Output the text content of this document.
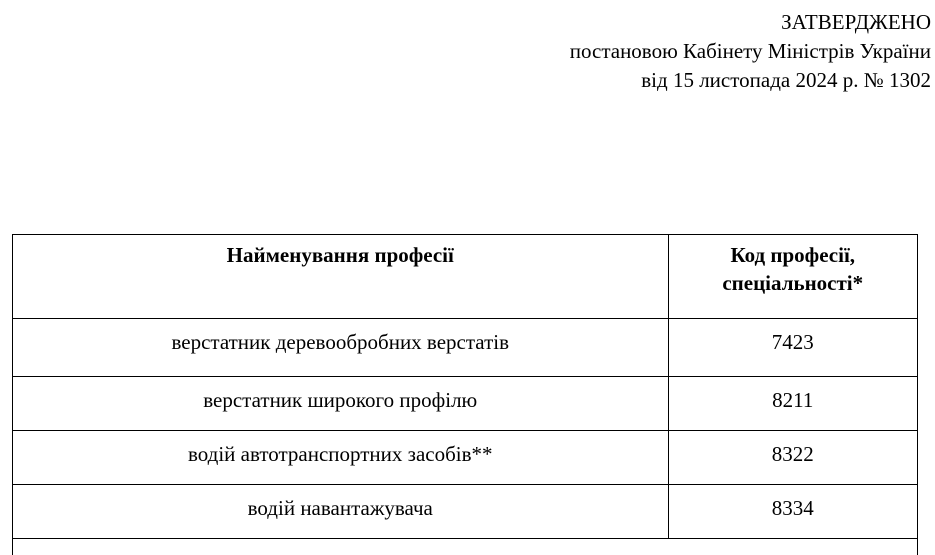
ЗАТВЕРДЖЕНО
постановою Кабінету Міністрів України
від 15 листопада 2024 р. № 1302
Найменування професії	Код професії, спеціальності*
верстатник деревообробних верстатів	7423
верстатник широкого профілю	8211
водій автотранспортних засобів**	8322
водій навантажувача	8334
